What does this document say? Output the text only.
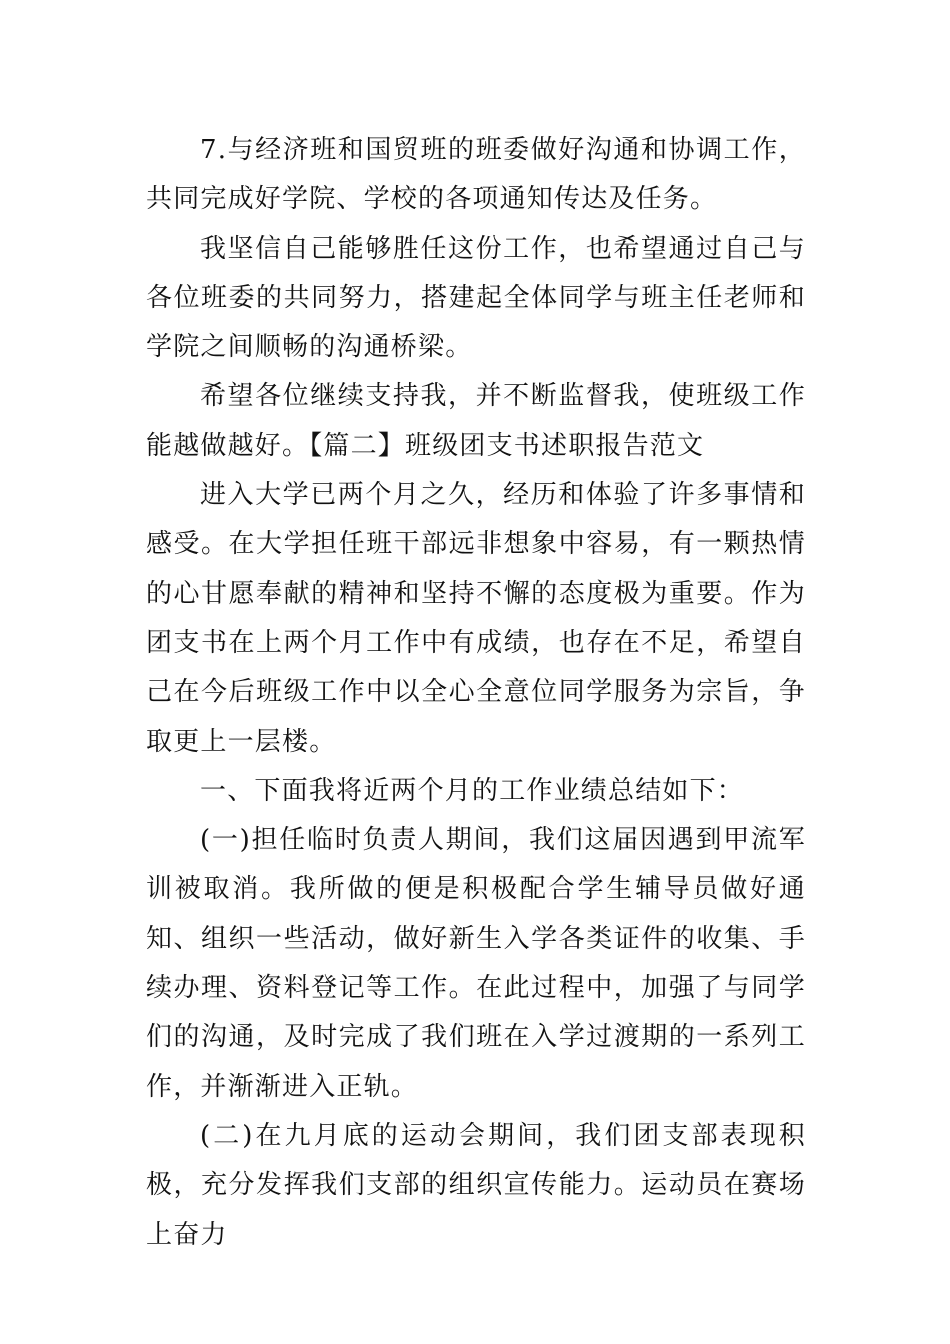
7.与经济班和国贸班的班委做好沟通和协调工作，共同完成好学院、学校的各项通知传达及任务。

我坚信自己能够胜任这份工作，也希望通过自己与各位班委的共同努力，搭建起全体同学与班主任老师和学院之间顺畅的沟通桥梁。

希望各位继续支持我，并不断监督我，使班级工作能越做越好。【篇二】班级团支书述职报告范文

进入大学已两个月之久，经历和体验了许多事情和感受。在大学担任班干部远非想象中容易，有一颗热情的心甘愿奉献的精神和坚持不懈的态度极为重要。作为团支书在上两个月工作中有成绩，也存在不足，希望自己在今后班级工作中以全心全意位同学服务为宗旨，争取更上一层楼。

一、下面我将近两个月的工作业绩总结如下：

(一)担任临时负责人期间，我们这届因遇到甲流军训被取消。我所做的便是积极配合学生辅导员做好通知、组织一些活动，做好新生入学各类证件的收集、手续办理、资料登记等工作。在此过程中，加强了与同学们的沟通，及时完成了我们班在入学过渡期的一系列工作，并渐渐进入正轨。

(二)在九月底的运动会期间，我们团支部表现积极，充分发挥我们支部的组织宣传能力。运动员在赛场上奋力
